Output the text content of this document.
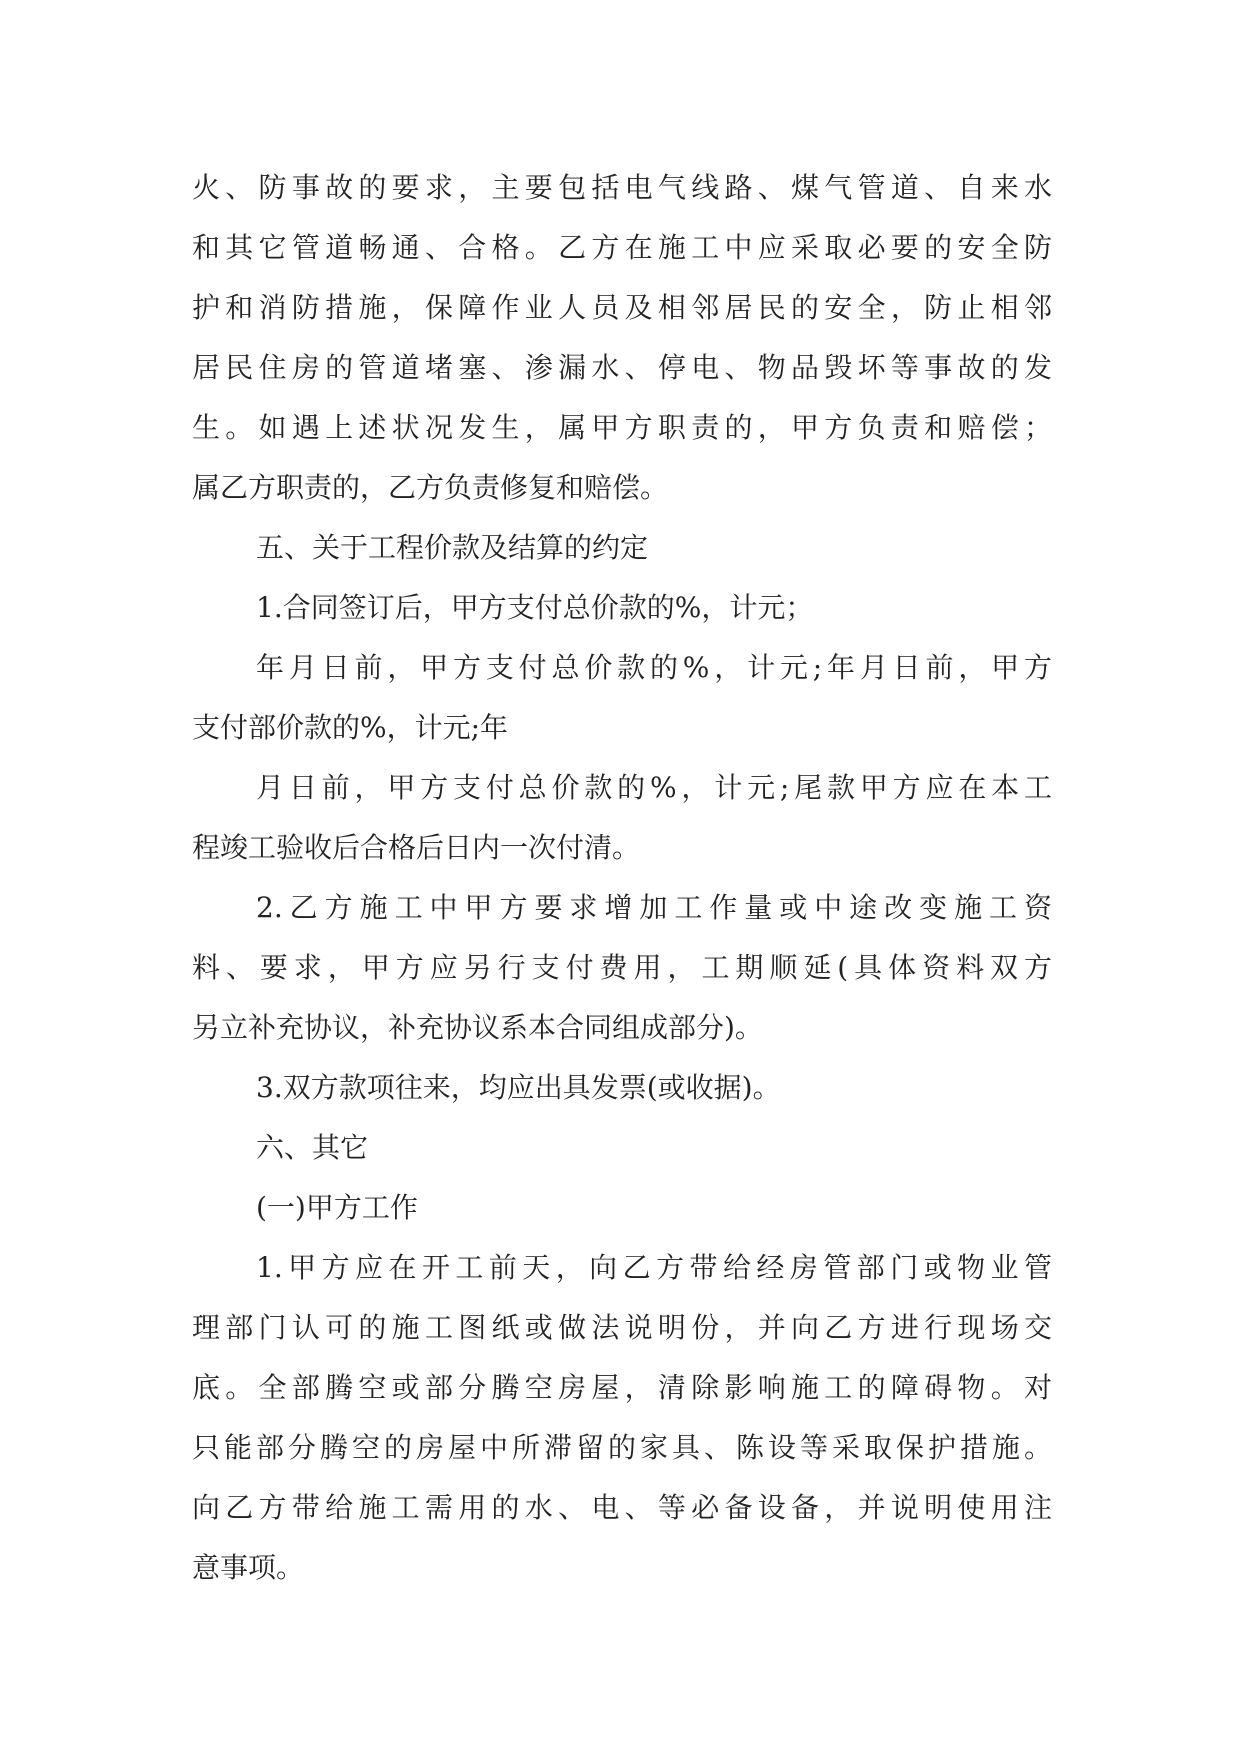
火、防事故的要求，主要包括电气线路、煤气管道、自来水
和其它管道畅通、合格。乙方在施工中应采取必要的安全防
护和消防措施，保障作业人员及相邻居民的安全，防止相邻
居民住房的管道堵塞、渗漏水、停电、物品毁坏等事故的发
生。如遇上述状况发生，属甲方职责的，甲方负责和赔偿；
属乙方职责的，乙方负责修复和赔偿。
五、关于工程价款及结算的约定
1.合同签订后，甲方支付总价款的%，计元；
年月日前，甲方支付总价款的%，计元;年月日前，甲方
支付部价款的%，计元;年
月日前，甲方支付总价款的%，计元;尾款甲方应在本工
程竣工验收后合格后日内一次付清。
2.乙方施工中甲方要求增加工作量或中途改变施工资
料、要求，甲方应另行支付费用，工期顺延(具体资料双方
另立补充协议，补充协议系本合同组成部分)。
3.双方款项往来，均应出具发票(或收据)。
六、其它
(一)甲方工作
1.甲方应在开工前天，向乙方带给经房管部门或物业管
理部门认可的施工图纸或做法说明份，并向乙方进行现场交
底。全部腾空或部分腾空房屋，清除影响施工的障碍物。对
只能部分腾空的房屋中所滞留的家具、陈设等采取保护措施。
向乙方带给施工需用的水、电、等必备设备，并说明使用注
意事项。
